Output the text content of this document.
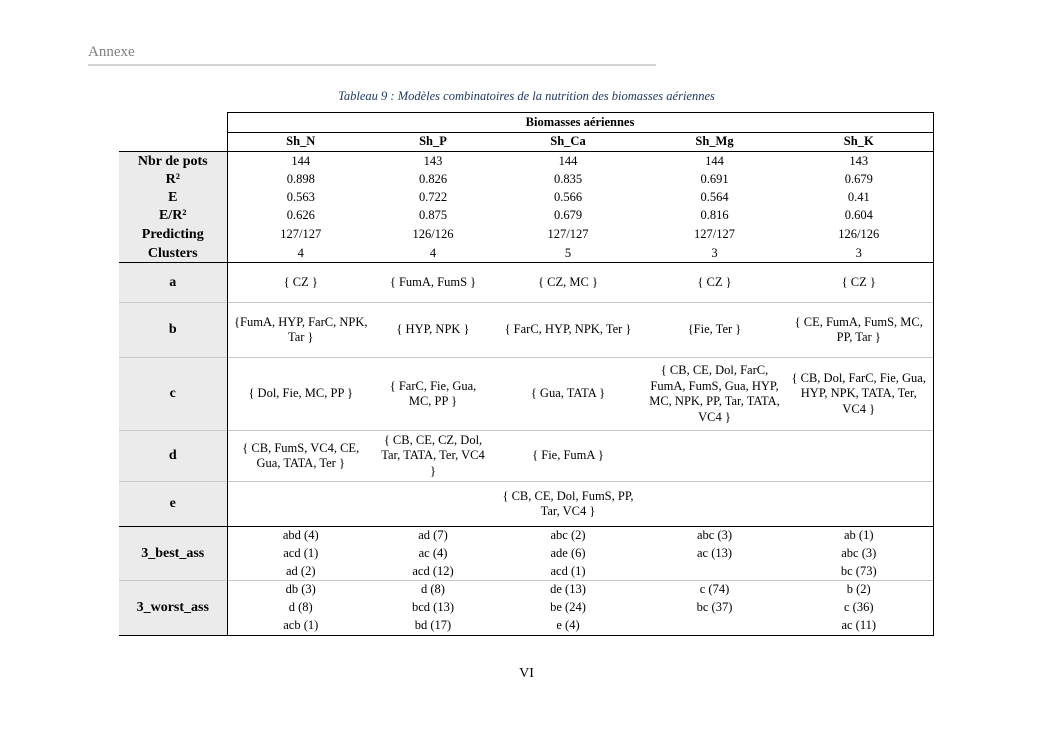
Annexe
Tableau 9 : Modèles combinatoires de la nutrition des biomasses aériennes
	Biomasses aériennes				
	Sh_N	Sh_P	Sh_Ca	Sh_Mg	Sh_K
Nbr de pots	144	143	144	144	143
R²	0.898	0.826	0.835	0.691	0.679
E	0.563	0.722	0.566	0.564	0.41
E/R²	0.626	0.875	0.679	0.816	0.604
Predicting	127/127	126/126	127/127	127/127	126/126
Clusters	4	4	5	3	3
a	{ CZ }	{ FumA, FumS }	{ CZ, MC }	{ CZ }	{ CZ }
b	{FumA, HYP, FarC, NPK, Tar }	{ HYP, NPK }	{ FarC, HYP, NPK, Ter }	{Fie, Ter }	{ CE, FumA, FumS, MC, PP, Tar }
c	{ Dol, Fie, MC, PP }	{ FarC, Fie, Gua, MC, PP }	{ Gua, TATA }	{ CB, CE, Dol, FarC, FumA, FumS, Gua, HYP, MC, NPK, PP, Tar, TATA, VC4 }	{ CB, Dol, FarC, Fie, Gua, HYP, NPK, TATA, Ter, VC4 }
d	{ CB, FumS, VC4, CE, Gua, TATA, Ter }	{ CB, CE, CZ, Dol, Tar, TATA, Ter, VC4 }	{ Fie, FumA }		
e			{ CB, CE, Dol, FumS, PP, Tar, VC4 }		
3_best_ass	abd (4)	ad (7)	abc (2)	abc (3)	ab (1)
	acd (1)	ac (4)	ade (6)	ac (13)	abc (3)
	ad (2)	acd (12)	acd (1)		bc (73)
3_worst_ass	db (3)	d (8)	de (13)	c (74)	b (2)
	d (8)	bcd (13)	be (24)	bc (37)	c (36)
	acb (1)	bd (17)	e (4)		ac (11)
VI
